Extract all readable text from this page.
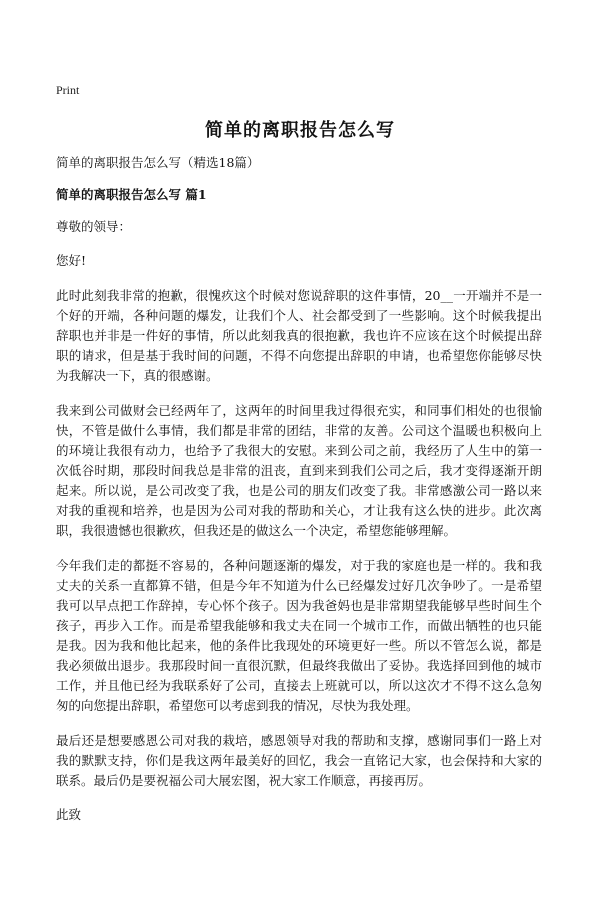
Print
简单的离职报告怎么写

简单的离职报告怎么写（精选18篇）

简单的离职报告怎么写 篇1

尊敬的领导：

您好!

此时此刻我非常的抱歉，很愧疚这个时候对您说辞职的这件事情，20__一开端并不是一个好的开端，各种问题的爆发，让我们个人、社会都受到了一些影响。这个时候我提出辞职也并非是一件好的事情，所以此刻我真的很抱歉，我也许不应该在这个时候提出辞职的请求，但是基于我时间的问题，不得不向您提出辞职的申请，也希望您你能够尽快为我解决一下，真的很感谢。

我来到公司做财会已经两年了，这两年的时间里我过得很充实，和同事们相处的也很愉快，不管是做什么事情，我们都是非常的团结，非常的友善。公司这个温暖也积极向上的环境让我很有动力，也给予了我很大的安慰。来到公司之前，我经历了人生中的第一次低谷时期，那段时间我总是非常的沮丧，直到来到我们公司之后，我才变得逐渐开朗起来。所以说，是公司改变了我，也是公司的朋友们改变了我。非常感激公司一路以来对我的重视和培养，也是因为公司对我的帮助和关心，才让我有这么快的进步。此次离职，我很遗憾也很歉疚，但我还是的做这么一个决定，希望您能够理解。

今年我们走的都挺不容易的，各种问题逐渐的爆发，对于我的家庭也是一样的。我和我丈夫的关系一直都算不错，但是今年不知道为什么已经爆发过好几次争吵了。一是希望我可以早点把工作辞掉，专心怀个孩子。因为我爸妈也是非常期望我能够早些时间生个孩子，再步入工作。而是希望我能够和我丈夫在同一个城市工作，而做出牺牲的也只能是我。因为我和他比起来，他的条件比我现处的环境更好一些。所以不管怎么说，都是我必须做出退步。我那段时间一直很沉默，但最终我做出了妥协。我选择回到他的城市工作，并且他已经为我联系好了公司，直接去上班就可以，所以这次才不得不这么急匆匆的向您提出辞职，希望您可以考虑到我的情况，尽快为我处理。

最后还是想要感恩公司对我的栽培，感恩领导对我的帮助和支撑，感谢同事们一路上对我的默默支持，你们是我这两年最美好的回忆，我会一直铭记大家，也会保持和大家的联系。最后仍是要祝福公司大展宏图，祝大家工作顺意，再接再厉。

此致
